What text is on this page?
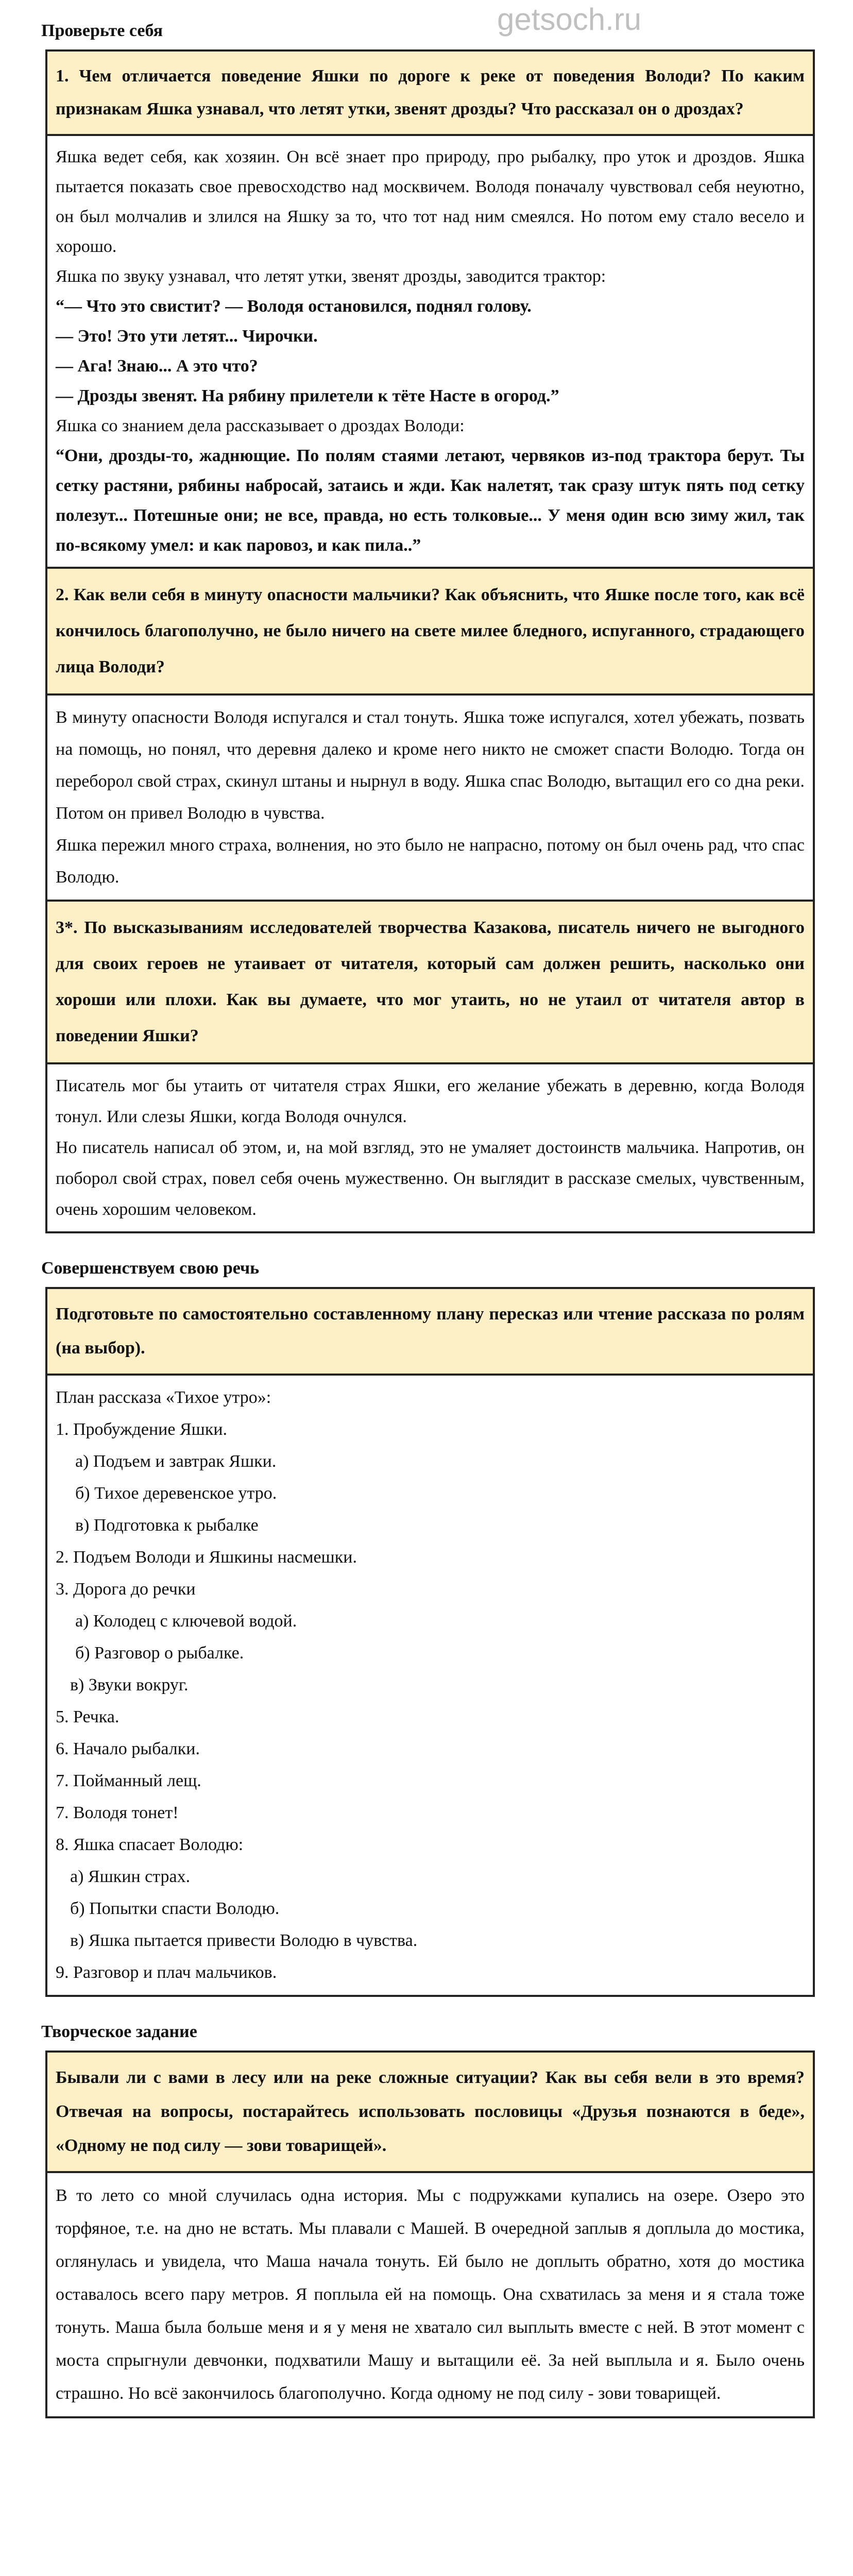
getsoch.ru
Проверьте себя
1. Чем отличается поведение Яшки по дороге к реке от поведения Володи? По каким признакам Яшка узнавал, что летят утки, звенят дрозды? Что рассказал он о дроздах?

Яшка ведет себя, как хозяин. Он всё знает про природу, про рыбалку, про уток и дроздов. Яшка пытается показать свое превосходство над москвичем. Володя поначалу чувствовал себя неуютно, он был молчалив и злился на Яшку за то, что тот над ним смеялся. Но потом ему стало весело и хорошо.

Яшка по звуку узнавал, что летят утки, звенят дрозды, заводится трактор:

“— Что это свистит? — Володя остановился, поднял голову.

— Это! Это ути летят... Чирочки.

— Ага! Знаю... А это что?

— Дрозды звенят. На рябину прилетели к тёте Насте в огород.”

Яшка со знанием дела рассказывает о дроздах Володи:

“Они, дрозды-то, жаднющие. По полям стаями летают, червяков из-под трактора берут. Ты сетку растяни, рябины набросай, затаись и жди. Как налетят, так сразу штук пять под сетку полезут... Потешные они; не все, правда, но есть толковые... У меня один всю зиму жил, так по-всякому умел: и как паровоз, и как пила..”

2. Как вели себя в минуту опасности мальчики? Как объяснить, что Яшке после того, как всё кончилось благополучно, не было ничего на свете милее бледного, испуганного, страдающего лица Володи?

В минуту опасности Володя испугался и стал тонуть. Яшка тоже испугался, хотел убежать, позвать на помощь, но понял, что деревня далеко и кроме него никто не сможет спасти Володю. Тогда он переборол свой страх, скинул штаны и нырнул в воду. Яшка спас Володю, вытащил его со дна реки. Потом он привел Володю в чувства.

Яшка пережил много страха, волнения, но это было не напрасно, потому он был очень рад, что спас Володю.

3*. По высказываниям исследователей творчества Казакова, писатель ничего не выгодного для своих героев не утаивает от читателя, который сам должен решить, насколько они хороши или плохи. Как вы думаете, что мог утаить, но не утаил от читателя автор в поведении Яшки?

Писатель мог бы утаить от читателя страх Яшки, его желание убежать в деревню, когда Володя тонул. Или слезы Яшки, когда Володя очнулся.

Но писатель написал об этом, и, на мой взгляд, это не умаляет достоинств мальчика. Напротив, он поборол свой страх, повел себя очень мужественно. Он выглядит в рассказе смелых, чувственным, очень хорошим человеком.

Совершенствуем свою речь
Подготовьте по самостоятельно составленному плану пересказ или чтение рассказа по ролям (на выбор).

План рассказа «Тихое утро»:

1. Пробуждение Яшки.

а) Подъем и завтрак Яшки.

б) Тихое деревенское утро.

в) Подготовка к рыбалке

2. Подъем Володи и Яшкины насмешки.

3. Дорога до речки

а) Колодец с ключевой водой.

б) Разговор о рыбалке.

в) Звуки вокруг.

5. Речка.

6. Начало рыбалки.

7. Пойманный лещ.

7. Володя тонет!

8. Яшка спасает Володю:

а) Яшкин страх.

б) Попытки спасти Володю.

в) Яшка пытается привести Володю в чувства.

9. Разговор и плач мальчиков.

Творческое задание
Бывали ли с вами в лесу или на реке сложные ситуации? Как вы себя вели в это время? Отвечая на вопросы, постарайтесь использовать пословицы «Друзья познаются в беде», «Одному не под силу — зови товарищей».
В то лето со мной случилась одна история. Мы с подружками купались на озере. Озеро это торфяное, т.е. на дно не встать. Мы плавали с Машей. В очередной заплыв я доплыла до мостика, оглянулась и увидела, что Маша начала тонуть. Ей было не доплыть обратно, хотя до мостика оставалось всего пару метров. Я поплыла ей на помощь. Она схватилась за меня и я стала тоже тонуть. Маша была больше меня и я у меня не хватало сил выплыть вместе с ней. В этот момент с моста спрыгнули девчонки, подхватили Машу и вытащили её. За ней выплыла и я. Было очень страшно. Но всё закончилось благополучно. Когда одному не под силу - зови товарищей.
